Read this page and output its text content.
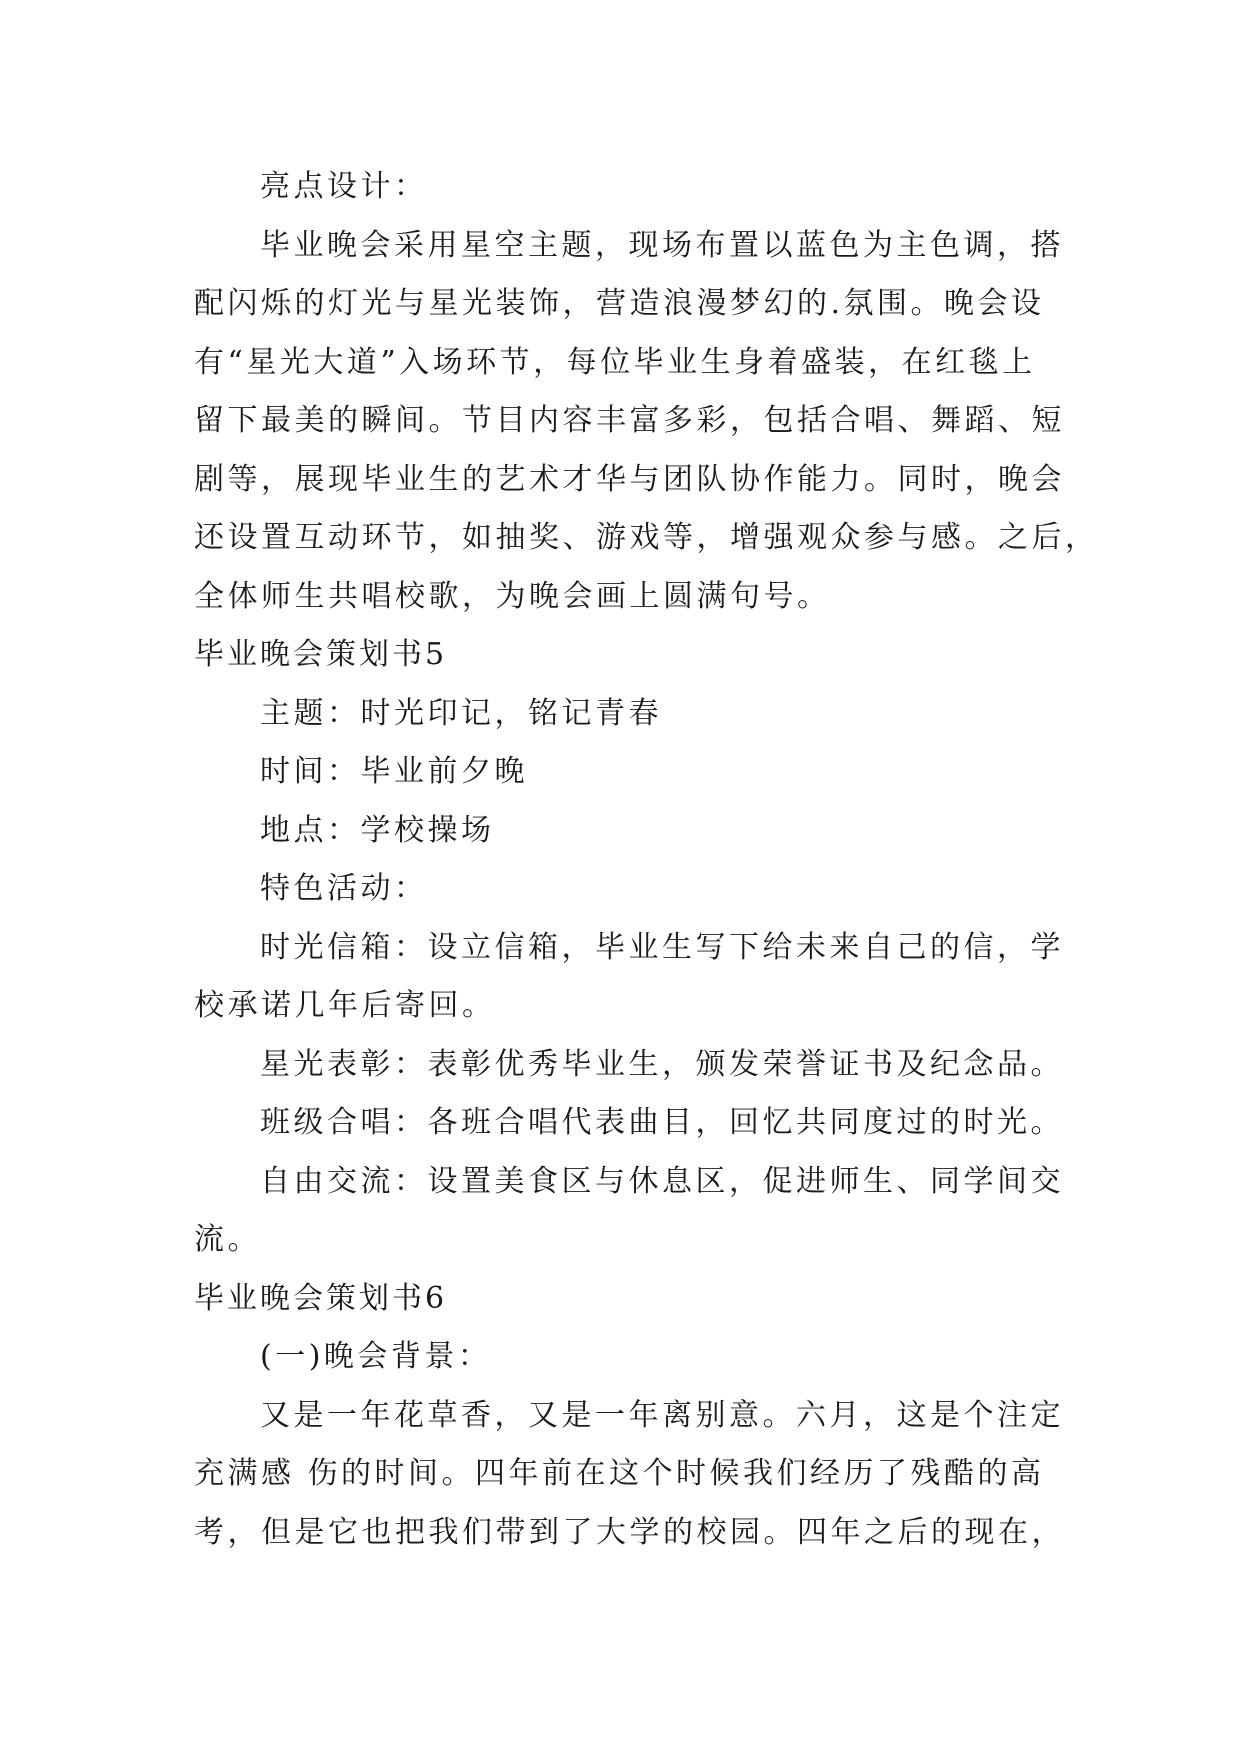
亮点设计：
毕业晚会采用星空主题，现场布置以蓝色为主色调，搭
配闪烁的灯光与星光装饰，营造浪漫梦幻的.氛围。晚会设
有“星光大道”入场环节，每位毕业生身着盛装，在红毯上
留下最美的瞬间。节目内容丰富多彩，包括合唱、舞蹈、短
剧等，展现毕业生的艺术才华与团队协作能力。同时，晚会
还设置互动环节，如抽奖、游戏等，增强观众参与感。之后，
全体师生共唱校歌，为晚会画上圆满句号。
毕业晚会策划书5
主题：时光印记，铭记青春
时间：毕业前夕晚
地点：学校操场
特色活动：
时光信箱：设立信箱，毕业生写下给未来自己的信，学
校承诺几年后寄回。
星光表彰：表彰优秀毕业生，颁发荣誉证书及纪念品。
班级合唱：各班合唱代表曲目，回忆共同度过的时光。
自由交流：设置美食区与休息区，促进师生、同学间交
流。
毕业晚会策划书6
(一)晚会背景：
又是一年花草香，又是一年离别意。六月，这是个注定
充满感 伤的时间。四年前在这个时候我们经历了残酷的高
考，但是它也把我们带到了大学的校园。四年之后的现在，
